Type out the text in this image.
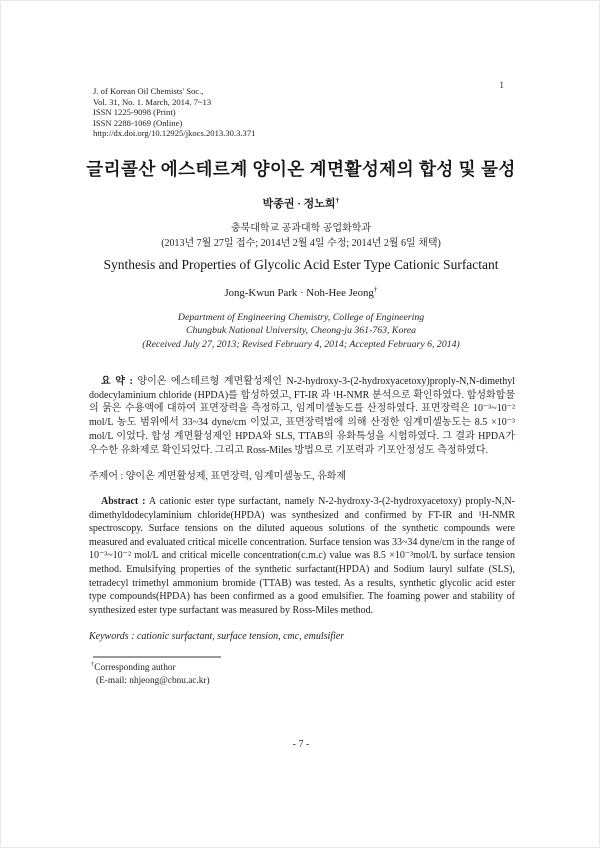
J. of Korean Oil Chemists' Soc.,
Vol. 31, No. 1. March, 2014. 7~13
ISSN 1225-9098 (Print)
ISSN 2288-1069 (Online)
http://dx.doi.org/10.12925/jkocs.2013.30.3.371
1
글리콜산 에스테르계 양이온 계면활성제의 합성 및 물성
박종권 · 정노희†
충북대학교 공과대학 공업화학과
(2013년 7월 27일 접수; 2014년 2월 4일 수정; 2014년 2월 6일 채택)
Synthesis and Properties of Glycolic Acid Ester Type Cationic Surfactant
Jong-Kwun Park · Noh-Hee Jeong†
Department of Engineering Chemistry, College of Engineering
Chungbuk National University, Cheong-ju 361-763, Korea
(Received July 27, 2013; Revised February 4, 2014; Accepted February 6, 2014)

요 약 : 양이온 에스테르형 계면활성제인 N-2-hydroxy-3-(2-hydroxyacetoxy)proply-N,N-dimethyl dodecylaminium chloride (HPDA)를 합성하였고, FT-IR 과 ¹H-NMR 분석으로 확인하였다. 합성화합물의 묽은 수용액에 대하여 표면장력을 측정하고, 임계미셀농도를 산정하였다. 표면장력은 10⁻³~10⁻² mol/L 농도 범위에서 33~34 dyne/cm 이었고, 표면장력법에 의해 산정한 임계미셀농도는 8.5 ×10⁻³ mol/L 이었다. 합성 계면활성제인 HPDA와 SLS, TTAB의 유화특성을 시험하였다. 그 결과 HPDA가 우수한 유화제로 확인되었다. 그리고 Ross-Miles 방법으로 기포력과 기포안정성도 측정하였다.

주제어 : 양이온 계면활성제, 표면장력, 임계미셀농도, 유화제

Abstract : A cationic ester type surfactant, namely N-2-hydroxy-3-(2-hydroxyacetoxy) proply-N,N-dimethyldodecylaminium chloride(HPDA) was synthesized and confirmed by FT-IR and ¹H-NMR spectroscopy. Surface tensions on the diluted aqueous solutions of the synthetic compounds were measured and evaluated critical micelle concentration. Surface tension was 33~34 dyne/cm in the range of 10⁻³~10⁻² mol/L and critical micelle concentration(c.m.c) value was 8.5 ×10⁻³mol/L by surface tension method. Emulsifying properties of the synthetic surfactant(HPDA) and Sodium lauryl sulfate (SLS), tetradecyl trimethyl ammonium bromide (TTAB) was tested. As a results, synthetic glycolic acid ester type compounds(HPDA) has been confirmed as a good emulsifier. The foaming power and stability of synthesized ester type surfactant was measured by Ross-Miles method.

Keywords : cationic surfactant, surface tension, cmc, emulsifier
†Corresponding author
(E-mail: nhjeong@cbnu.ac.kr)
- 7 -
